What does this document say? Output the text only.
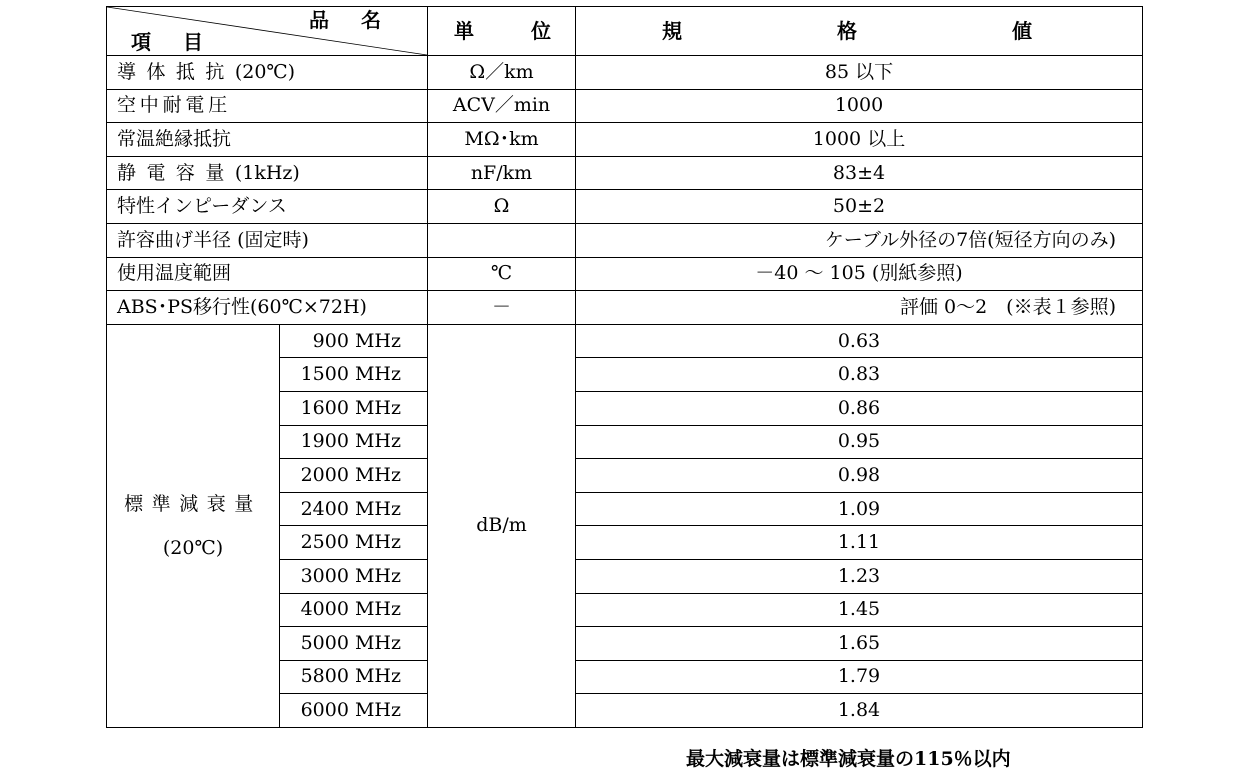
品名
項目		単 位	規 格 値

導体抵抗(20℃)		Ω／km	85 以下
空中耐電圧		ACV／min	1000
常温絶縁抵抗		MΩ･km	1000 以上
静電容量(1kHz)		nF/km	83±4
特性インピーダンス		Ω	50±2
許容曲げ半径 (固定時)			ケーブル外径の7倍(短径方向のみ)
使用温度範囲		℃	－40 ～ 105 (別紙参照)
ABS･PS移行性(60℃×72H)		－	評価 0～2　(※表１参照)

標準減衰量
(20℃)	900 MHz	dB/m	0.63
	1500 MHz		0.83
	1600 MHz		0.86
	1900 MHz		0.95
	2000 MHz		0.98
	2400 MHz		1.09
	2500 MHz		1.11
	3000 MHz		1.23
	4000 MHz		1.45
	5000 MHz		1.65
	5800 MHz		1.79
	6000 MHz		1.84
最大減衰量は標準減衰量の115％以内
